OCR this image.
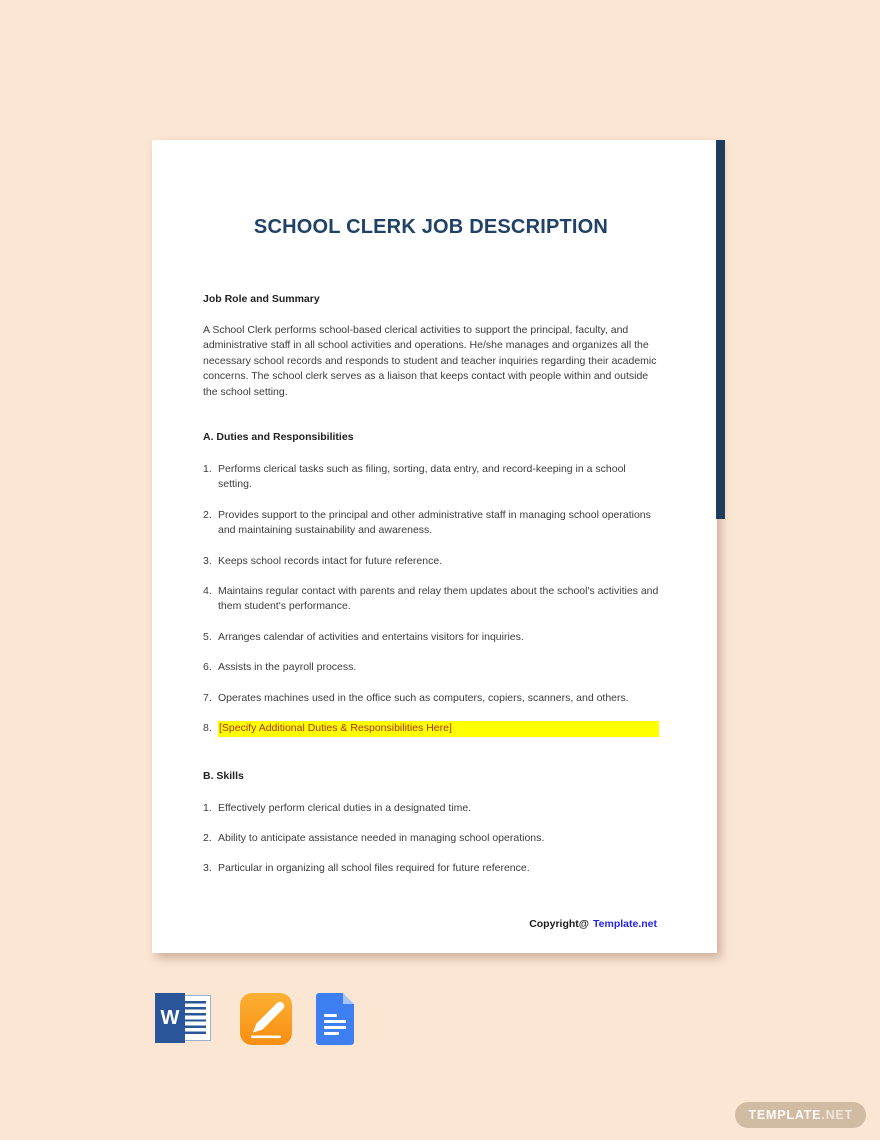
SCHOOL CLERK JOB DESCRIPTION
Job Role and Summary

A School Clerk performs school-based clerical activities to support the principal, faculty, and administrative staff in all school activities and operations. He/she manages and organizes all the necessary school records and responds to student and teacher inquiries regarding their academic concerns. The school clerk serves as a liaison that keeps contact with people within and outside the school setting.

A. Duties and Responsibilities
1. Performs clerical tasks such as filing, sorting, data entry, and record-keeping in a school setting.
2. Provides support to the principal and other administrative staff in managing school operations and maintaining sustainability and awareness.
3. Keeps school records intact for future reference.
4. Maintains regular contact with parents and relay them updates about the school's activities and them student's performance.
5. Arranges calendar of activities and entertains visitors for inquiries.
6. Assists in the payroll process.
7. Operates machines used in the office such as computers, copiers, scanners, and others.
8. [Specify Additional Duties & Responsibilities Here]
B. Skills
1. Effectively perform clerical duties in a designated time.
2. Ability to anticipate assistance needed in managing school operations.
3. Particular in organizing all school files required for future reference.
Copyright@ Template.net
W
TEMPLATE .NET
